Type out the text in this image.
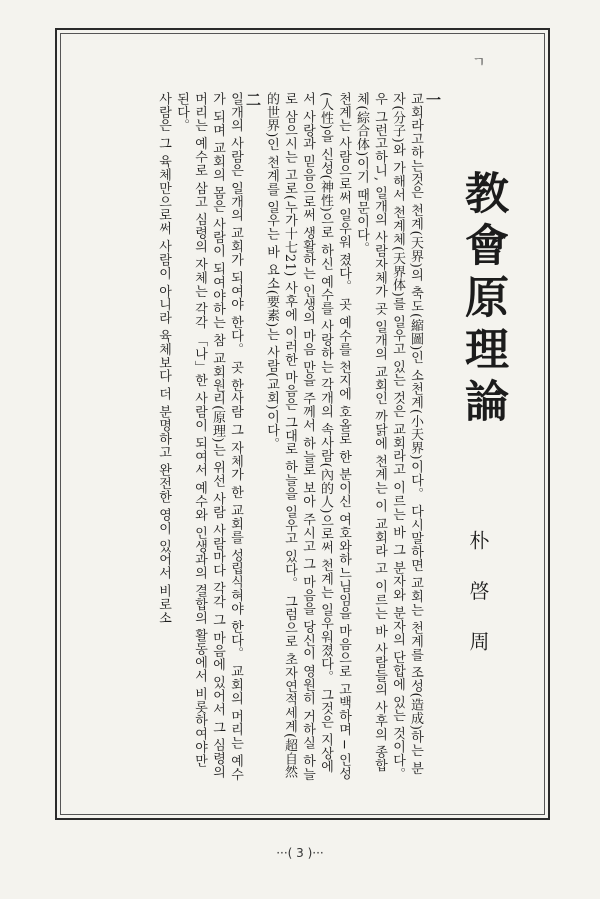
ㄱ
教會原理論
朴 啓 周

一

교회라고하는것은 천계(天界)의 축도(縮圖)인 소천계(小天界)이다。 다시말하면 교회는 천계를 조성(造成)하는 분자(分子)와 가해서 천계체(天界体)를 일우고 있는 것은 교회라고 이르는 바 그 분자와 분자의 단합에 있는 것이다。 우 그런고하니, 일개의 사람자체가 곳 일개의 교회인 까닭에 천계는 이 교회라 고 이르는 바 사람들의 사후의 종합체(綜合体)이기 때문이다。

천계는 사람으로써 일우워 졌다。 곳 예수를 천지에 호올로 한 분이신 여호와하느님임을 마음으로 고백하며 ─ 인성(人性)을 신성(神性)으로 하신 예수를 사랑하는 각개의 속사람(內的人)으로써 천계는 일우워졌다。 그것은 지상에서 사랑과 믿음으로써 생활하는 인생의 마음 만을 주께서 하늘로 보아 주시고 그 마음을 당신이 영원히 거하실 하늘로 삼으시는 고로(누가十七21) 사후에 이러한 마음은 그대로 하늘을 일우고 있다。 그럼으로 초자연적세계(超自然的世界)인 천계를 일우는 바 요소(要素)는 사람(교회)이다。

二

일개의 사람은 일개의 교회가 되여야 한다。 곳 한사람 그 자체가 한 교회를 성립식혀야 한다。 교회의 머리는 예수가 되며 교회의 몸은 사람이 되여야하는 참 교회원리(原理)는 위선 사람 사람마다 각각 그 마음에 있어서 그 심령의 머리는 예수로 삼고 심령의 자체는 각각 「나」한 사람이 되여서 예수와 인생과의 결합의 활동에서 비롯하여야만 된다。

사람은 그 육체만으로써 사람이 아니라 육체보다 더 분명하고 완전한 영이 있어서 비로소

···( 3 )···
